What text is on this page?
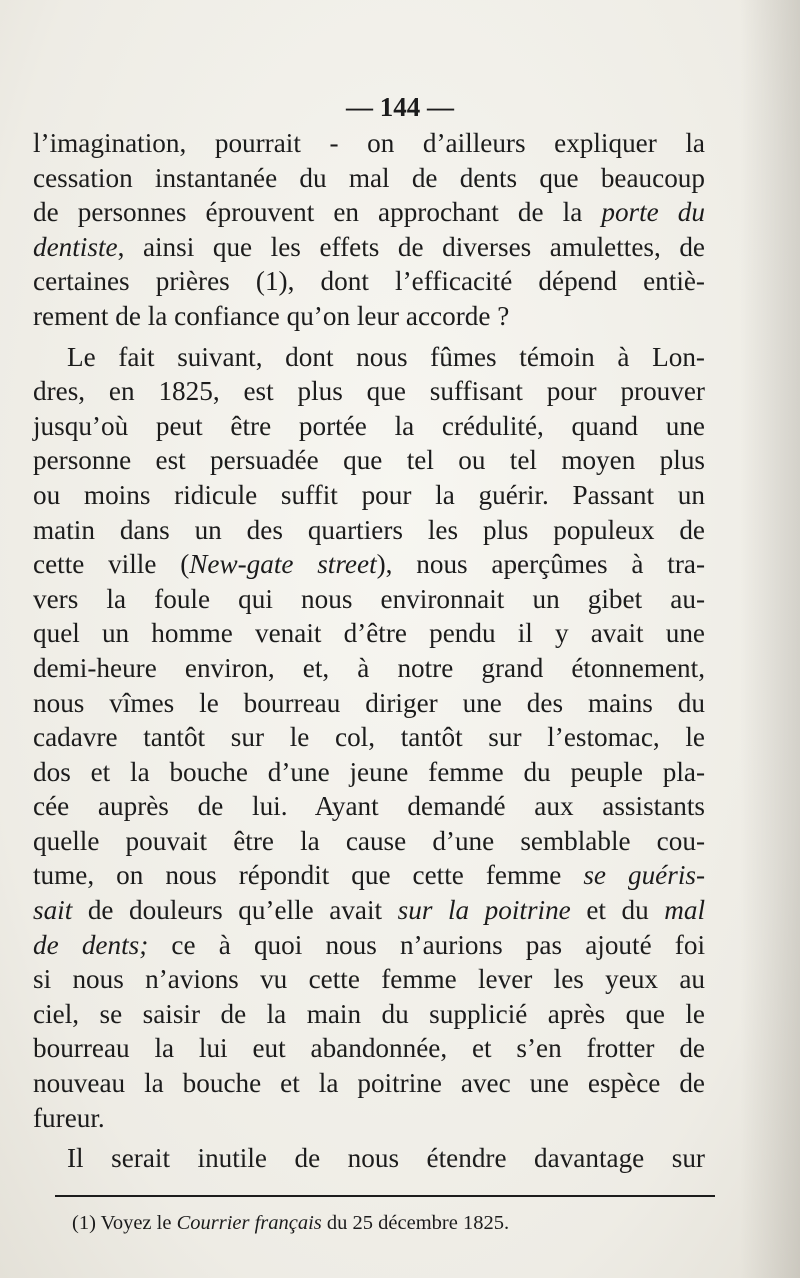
— 144 —
l’imagination, pourrait - on d’ailleurs expliquer la
cessation instantanée du mal de dents que beaucoup
de personnes éprouvent en approchant de la porte du
dentiste, ainsi que les effets de diverses amulettes, de
certaines prières (1), dont l’efficacité dépend entiè-
rement de la confiance qu’on leur accorde ?
Le fait suivant, dont nous fûmes témoin à Lon-
dres, en 1825, est plus que suffisant pour prouver
jusqu’où peut être portée la crédulité, quand une
personne est persuadée que tel ou tel moyen plus
ou moins ridicule suffit pour la guérir. Passant un
matin dans un des quartiers les plus populeux de
cette ville (New-gate street), nous aperçûmes à tra-
vers la foule qui nous environnait un gibet au-
quel un homme venait d’être pendu il y avait une
demi-heure environ, et, à notre grand étonnement,
nous vîmes le bourreau diriger une des mains du
cadavre tantôt sur le col, tantôt sur l’estomac, le
dos et la bouche d’une jeune femme du peuple pla-
cée auprès de lui. Ayant demandé aux assistants
quelle pouvait être la cause d’une semblable cou-
tume, on nous répondit que cette femme se guéris-
sait de douleurs qu’elle avait sur la poitrine et du mal
de dents; ce à quoi nous n’aurions pas ajouté foi
si nous n’avions vu cette femme lever les yeux au
ciel, se saisir de la main du supplicié après que le
bourreau la lui eut abandonnée, et s’en frotter de
nouveau la bouche et la poitrine avec une espèce de
fureur.
Il serait inutile de nous étendre davantage sur
(1) Voyez le Courrier français du 25 décembre 1825.
